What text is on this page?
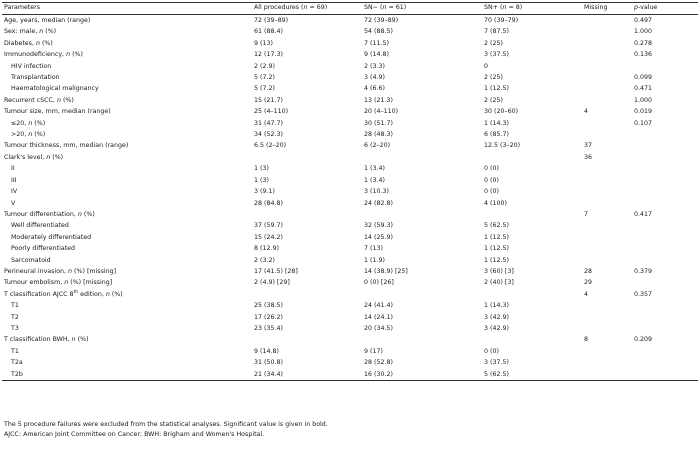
Parameters	All procedures (n = 69)	SN− (n = 61)	SN+ (n = 8)	Missing	p-value
Age, years, median (range)	72 (39–89)	72 (39–89)	70 (39–79)		0.497
Sex: male, n (%)	61 (88.4)	54 (88.5)	7 (87.5)		1.000
Diabetes, n (%)	9 (13)	7 (11.5)	2 (25)		0.278
Immunodeficiency, n (%)	12 (17.3)	9 (14.8)	3 (37.5)		0.136
HIV infection	2 (2.9)	2 (3.3)	0		
Transplantation	5 (7.2)	3 (4.9)	2 (25)		0.099
Haematological malignancy	5 (7.2)	4 (6.6)	1 (12.5)		0.471
Recurrent cSCC, n (%)	15 (21.7)	13 (21.3)	2 (25)		1.000
Tumour size, mm, median (range)	25 (4–110)	20 (4–110)	30 (20–60)	4	0.019
≤20, n (%)	31 (47.7)	30 (51.7)	1 (14.3)		0.107
>20, n (%)	34 (52.3)	28 (48.3)	6 (85.7)		
Tumour thickness, mm, median (range)	6.5 (2–20)	6 (2–20)	12.5 (3–20)	37	
Clark's level, n (%)				36	
II	1 (3)	1 (3.4)	0 (0)		
III	1 (3)	1 (3.4)	0 (0)		
IV	3 (9.1)	3 (10.3)	0 (0)		
V	28 (84.8)	24 (82.8)	4 (100)		
Tumour differentiation, n (%)				7	0.417
Well differentiated	37 (59.7)	32 (59.3)	5 (62.5)		
Moderately differentiated	15 (24.2)	14 (25.9)	1 (12.5)		
Poorly differentiated	8 (12.9)	7 (13)	1 (12.5)		
Sarcomatoid	2 (3.2)	1 (1.9)	1 (12.5)		
Perineural invasion, n (%) [missing]	17 (41.5) [28]	14 (38.9) [25]	3 (60) [3]	28	0.379
Tumour embolism, n (%) [missing]	2 (4.9) [29]	0 (0) [26]	2 (40) [3]	29	
T classification AJCC 8th edition, n (%)				4	0.357
T1	25 (38.5)	24 (41.4)	1 (14.3)		
T2	17 (26.2)	14 (24.1)	3 (42.9)		
T3	23 (35.4)	20 (34.5)	3 (42.9)		
T classification BWH, n (%)				8	0.209
T1	9 (14.8)	9 (17)	0 (0)		
T2a	31 (50.8)	28 (52.8)	3 (37.5)		
T2b	21 (34.4)	16 (30.2)	5 (62.5)		
The 5 procedure failures were excluded from the statistical analyses. Significant value is given in bold.
AJCC: American Joint Committee on Cancer; BWH: Brigham and Women's Hospital.
